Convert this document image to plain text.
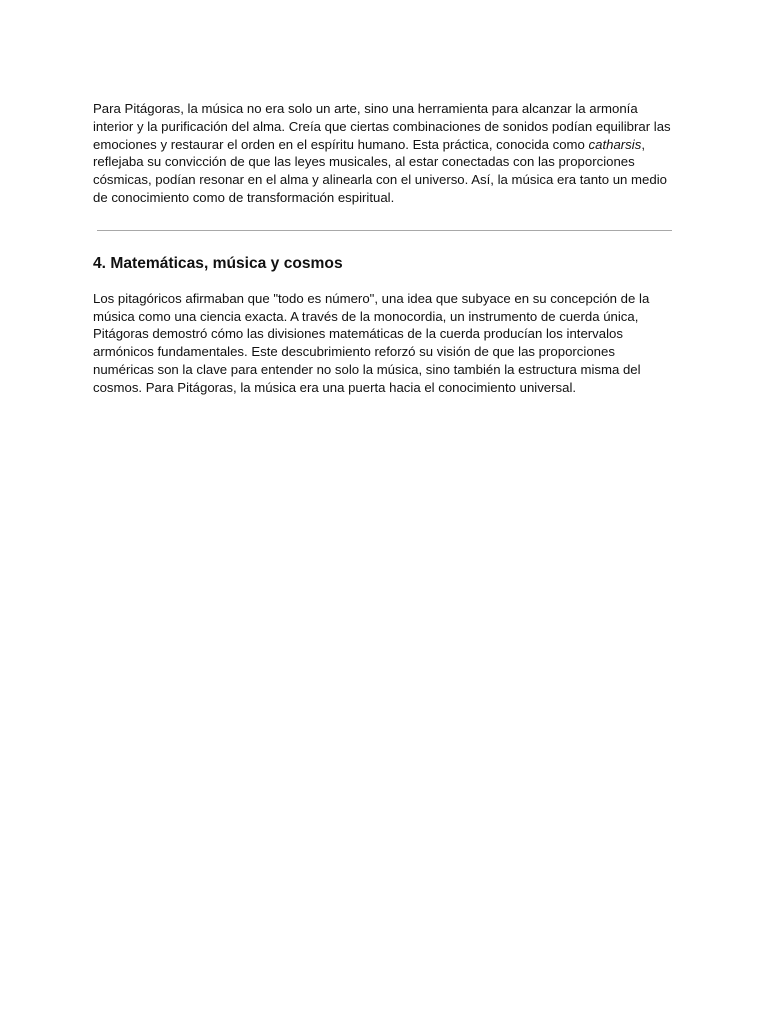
Para Pitágoras, la música no era solo un arte, sino una herramienta para alcanzar la armonía interior y la purificación del alma. Creía que ciertas combinaciones de sonidos podían equilibrar las emociones y restaurar el orden en el espíritu humano. Esta práctica, conocida como catharsis, reflejaba su convicción de que las leyes musicales, al estar conectadas con las proporciones cósmicas, podían resonar en el alma y alinearla con el universo. Así, la música era tanto un medio de conocimiento como de transformación espiritual.

4. Matemáticas, música y cosmos

Los pitagóricos afirmaban que "todo es número", una idea que subyace en su concepción de la música como una ciencia exacta. A través de la monocordia, un instrumento de cuerda única, Pitágoras demostró cómo las divisiones matemáticas de la cuerda producían los intervalos armónicos fundamentales. Este descubrimiento reforzó su visión de que las proporciones numéricas son la clave para entender no solo la música, sino también la estructura misma del cosmos. Para Pitágoras, la música era una puerta hacia el conocimiento universal.
